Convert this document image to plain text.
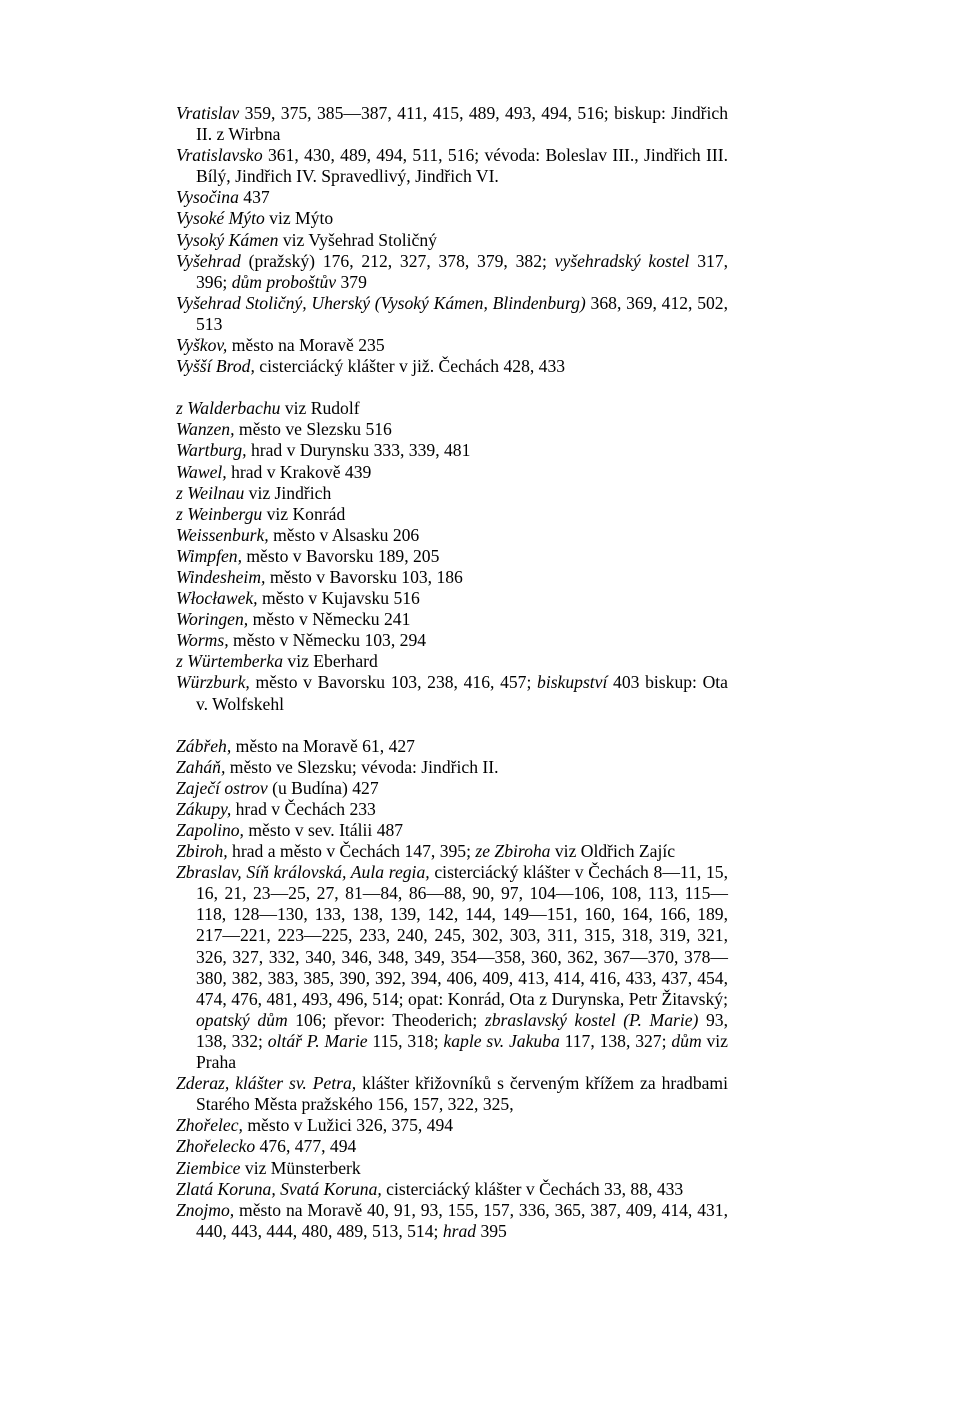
Vratislav 359, 375, 385—387, 411, 415, 489, 493, 494, 516; biskup: Jindřich II. z Wirbna
Vratislavsko 361, 430, 489, 494, 511, 516; vévoda: Boleslav III., Jindřich III. Bílý, Jindřich IV. Spravedlivý, Jindřich VI.
Vysočina 437
Vysoké Mýto viz Mýto
Vysoký Kámen viz Vyšehrad Stoličný
Vyšehrad (pražský) 176, 212, 327, 378, 379, 382; vyšehradský kostel 317, 396; dům proboštův 379
Vyšehrad Stoličný, Uherský (Vysoký Kámen, Blindenburg) 368, 369, 412, 502, 513
Vyškov, město na Moravě 235
Vyšší Brod, cisterciácký klášter v již. Čechách 428, 433
z Walderbachu viz Rudolf
Wanzen, město ve Slezsku 516
Wartburg, hrad v Durynsku 333, 339, 481
Wawel, hrad v Krakově 439
z Weilnau viz Jindřich
z Weinbergu viz Konrád
Weissenburk, město v Alsasku 206
Wimpfen, město v Bavorsku 189, 205
Windesheim, město v Bavorsku 103, 186
Włocławek, město v Kujavsku 516
Woringen, město v Německu 241
Worms, město v Německu 103, 294
z Würtemberka viz Eberhard
Würzburk, město v Bavorsku 103, 238, 416, 457; biskupství 403 biskup: Ota v. Wolfskehl
Zábřeh, město na Moravě 61, 427
Zaháň, město ve Slezsku; vévoda: Jindřich II.
Zaječí ostrov (u Budína) 427
Zákupy, hrad v Čechách 233
Zapolino, město v sev. Itálii 487
Zbiroh, hrad a město v Čechách 147, 395; ze Zbiroha viz Oldřich Zajíc
Zbraslav, Síň královská, Aula regia, cisterciácký klášter v Čechách 8—11, 15, 16, 21, 23—25, 27, 81—84, 86—88, 90, 97, 104—106, 108, 113, 115—118, 128—130, 133, 138, 139, 142, 144, 149—151, 160, 164, 166, 189, 217—221, 223—225, 233, 240, 245, 302, 303, 311, 315, 318, 319, 321, 326, 327, 332, 340, 346, 348, 349, 354—358, 360, 362, 367—370, 378—380, 382, 383, 385, 390, 392, 394, 406, 409, 413, 414, 416, 433, 437, 454, 474, 476, 481, 493, 496, 514; opat: Konrád, Ota z Durynska, Petr Žitavský; opatský dům 106; převor: Theoderich; zbraslavský kostel (P. Marie) 93, 138, 332; oltář P. Marie 115, 318; kaple sv. Jakuba 117, 138, 327; dům viz Praha
Zderaz, klášter sv. Petra, klášter křižovníků s červeným křížem za hradbami Starého Města pražského 156, 157, 322, 325,
Zhořelec, město v Lužici 326, 375, 494
Zhořelecko 476, 477, 494
Ziembice viz Münsterberk
Zlatá Koruna, Svatá Koruna, cisterciácký klášter v Čechách 33, 88, 433
Znojmo, město na Moravě 40, 91, 93, 155, 157, 336, 365, 387, 409, 414, 431, 440, 443, 444, 480, 489, 513, 514; hrad 395
